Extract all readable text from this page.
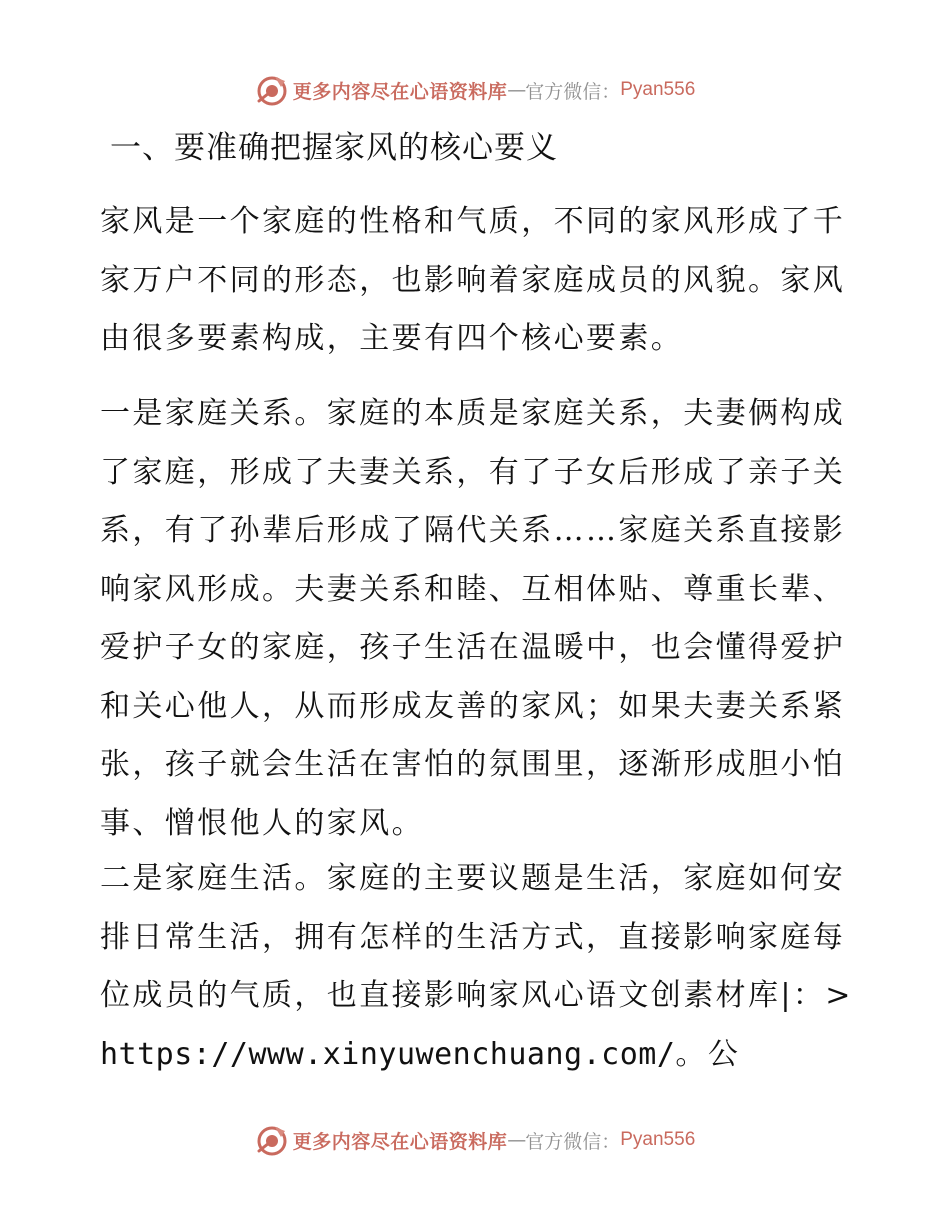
更多内容尽在心语资料库 — 官方微信： Pyan556
一、要准确把握家风的核心要义

家风是一个家庭的性格和气质，不同的家风形成了千家万户不同的形态，也影响着家庭成员的风貌。家风由很多要素构成，主要有四个核心要素。

一是家庭关系。家庭的本质是家庭关系，夫妻俩构成了家庭，形成了夫妻关系，有了子女后形成了亲子关系，有了孙辈后形成了隔代关系……家庭关系直接影响家风形成。夫妻关系和睦、互相体贴、尊重长辈、爱护子女的家庭，孩子生活在温暖中，也会懂得爱护和关心他人，从而形成友善的家风；如果夫妻关系紧张，孩子就会生活在害怕的氛围里，逐渐形成胆小怕事、憎恨他人的家风。

二是家庭生活。家庭的主要议题是生活，家庭如何安排日常生活，拥有怎样的生活方式，直接影响家庭每位成员的气质，也直接影响家风心语文创素材库|：>https://www.xinyuwenchuang.com/。公

更多内容尽在心语资料库 — 官方微信： Pyan556
